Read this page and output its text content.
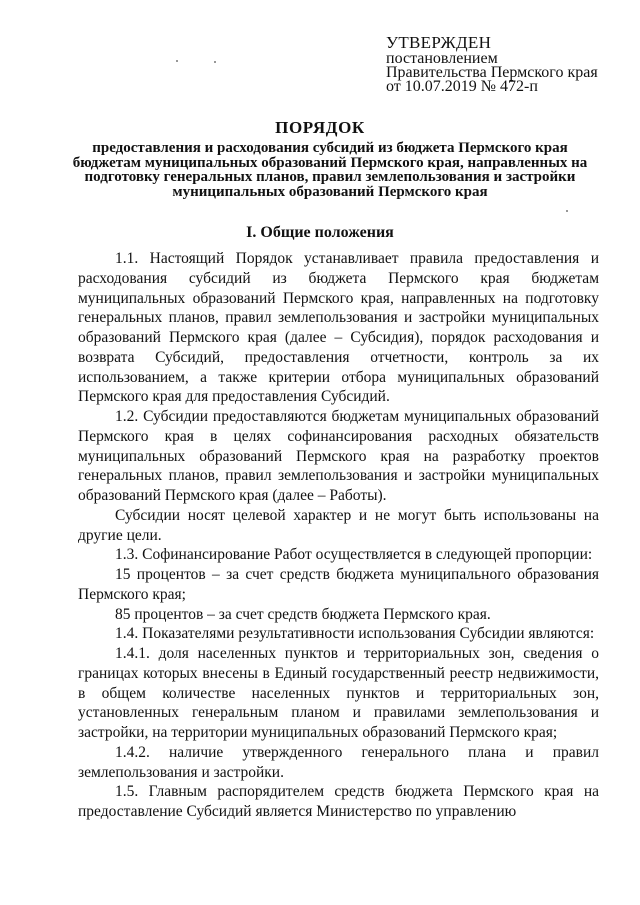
УТВЕРЖДЕН
постановлением
Правительства Пермского края
от 10.07.2019 № 472-п
ПОРЯДОК
предоставления и расходования субсидий из бюджета Пермского края бюджетам муниципальных образований Пермского края, направленных на подготовку генеральных планов, правил землепользования и застройки муниципальных образований Пермского края
I. Общие положения

1.1. Настоящий Порядок устанавливает правила предоставления и расходования субсидий из бюджета Пермского края бюджетам муниципальных образований Пермского края, направленных на подготовку генеральных планов, правил землепользования и застройки муниципальных образований Пермского края (далее – Субсидия), порядок расходования и возврата Субсидий, предоставления отчетности, контроль за их использованием, а также критерии отбора муниципальных образований Пермского края для предоставления Субсидий.

1.2. Субсидии предоставляются бюджетам муниципальных образований Пермского края в целях софинансирования расходных обязательств муниципальных образований Пермского края на разработку проектов генеральных планов, правил землепользования и застройки муниципальных образований Пермского края (далее – Работы).

Субсидии носят целевой характер и не могут быть использованы на другие цели.

1.3. Софинансирование Работ осуществляется в следующей пропорции:

15 процентов – за счет средств бюджета муниципального образования Пермского края;

85 процентов – за счет средств бюджета Пермского края.

1.4. Показателями результативности использования Субсидии являются:

1.4.1. доля населенных пунктов и территориальных зон, сведения о границах которых внесены в Единый государственный реестр недвижимости, в общем количестве населенных пунктов и территориальных зон, установленных генеральным планом и правилами землепользования и застройки, на территории муниципальных образований Пермского края;

1.4.2. наличие утвержденного генерального плана и правил землепользования и застройки.

1.5. Главным распорядителем средств бюджета Пермского края на предоставление Субсидий является Министерство по управлению
